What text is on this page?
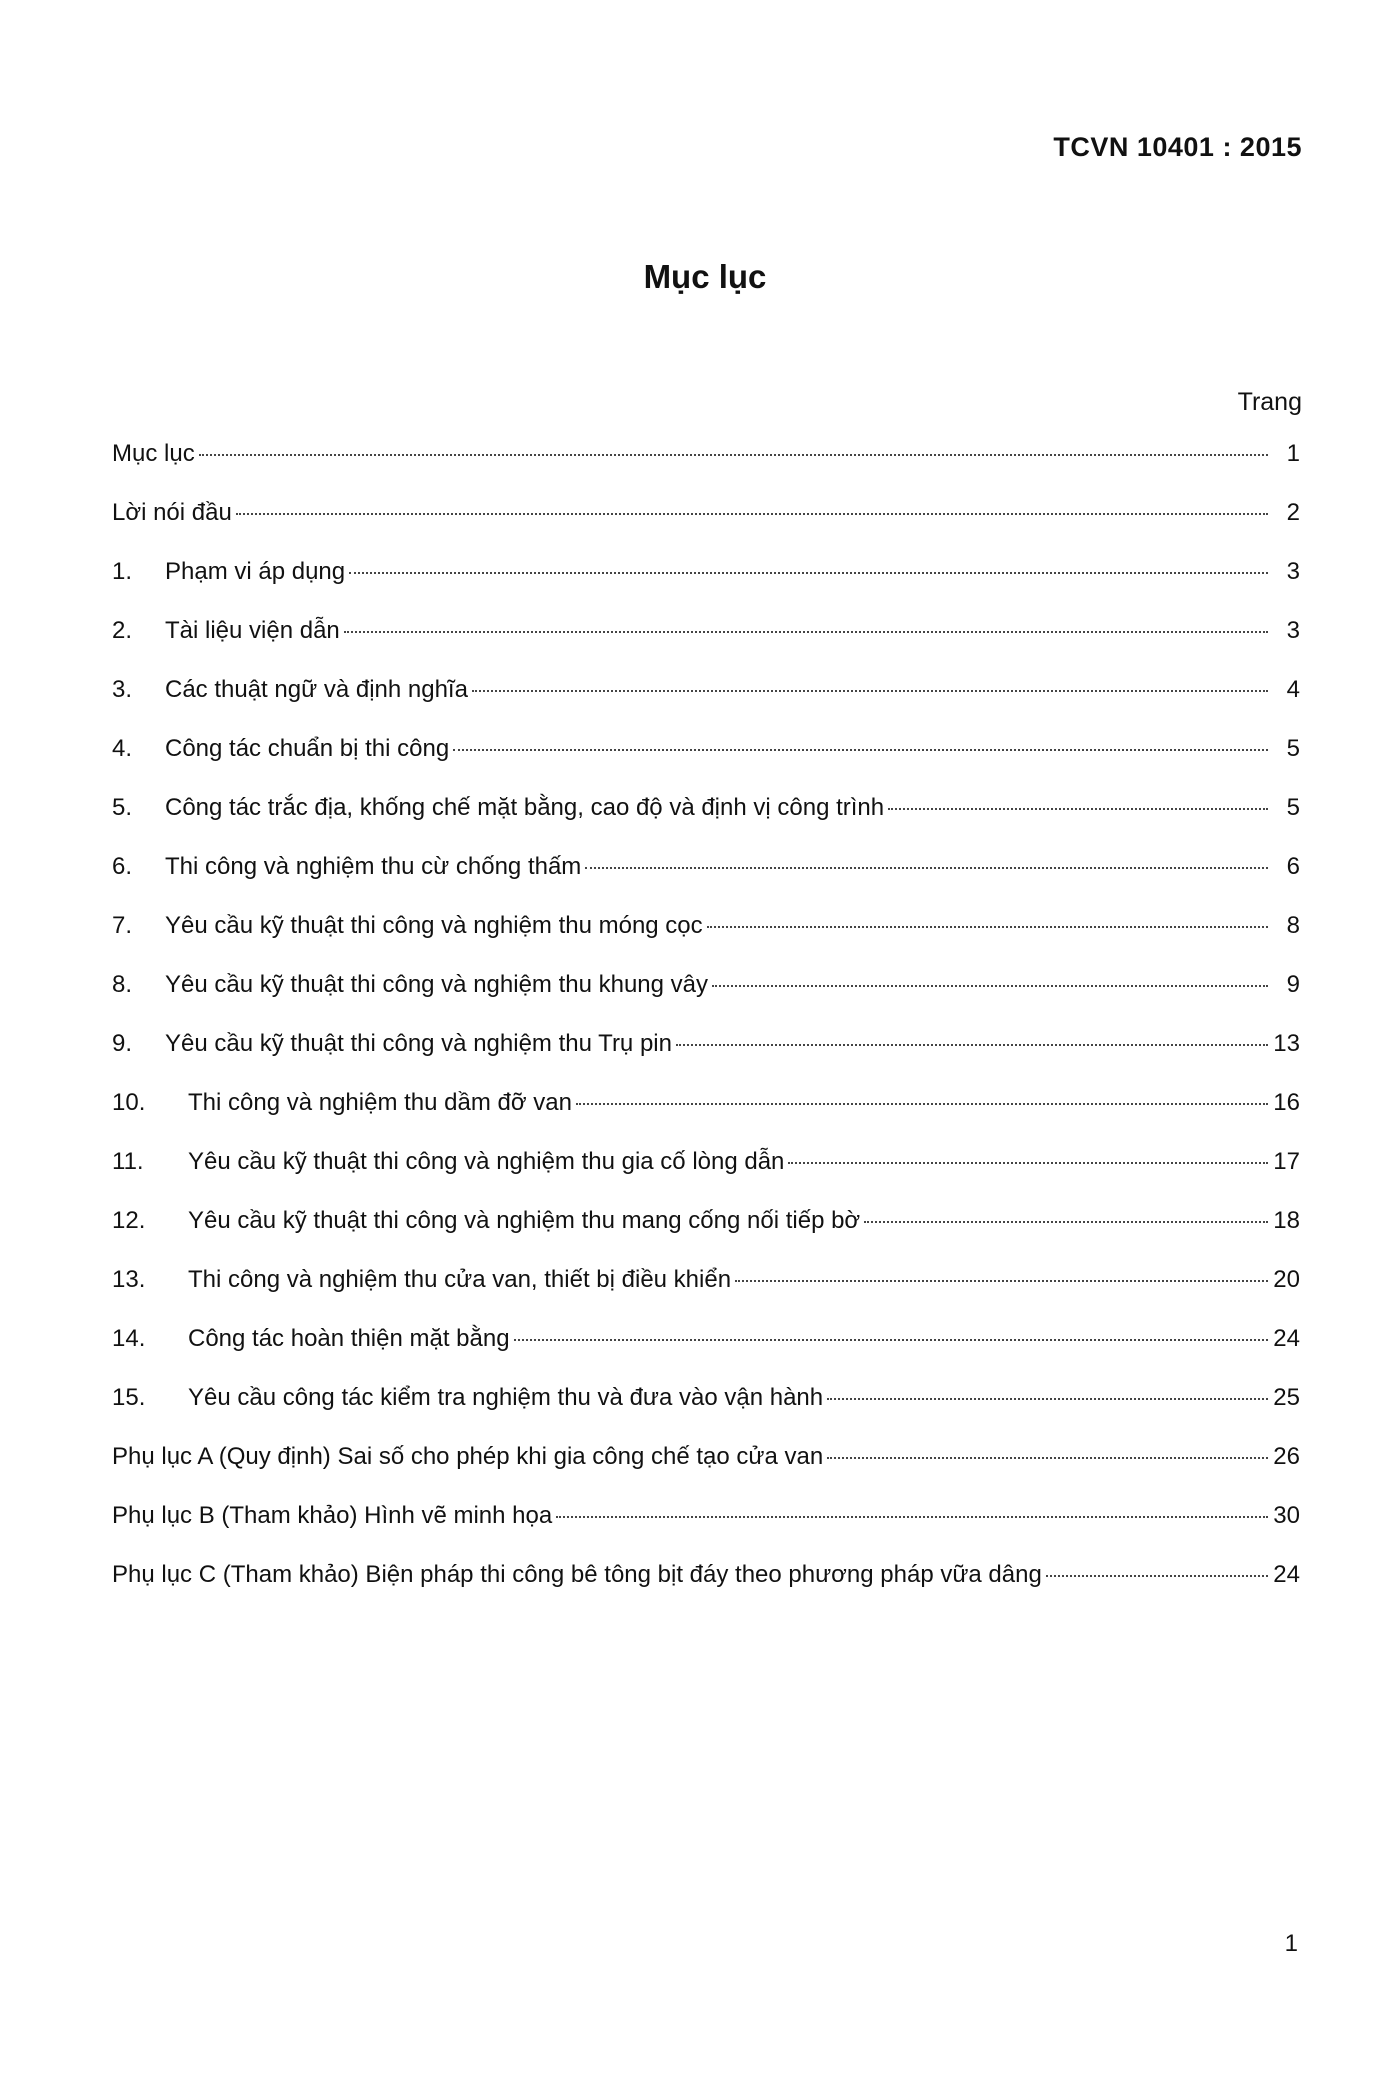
TCVN 10401 : 2015
Mục lục
Trang
Mục lục	1
Lời nói đầu	2
1.	Phạm vi áp dụng	3
2.	Tài liệu viện dẫn	3
3.	Các thuật ngữ và định nghĩa	4
4.	Công tác chuẩn bị thi công	5
5.	Công tác trắc địa, khống chế mặt bằng, cao độ và định vị công trình	5
6.	Thi công và nghiệm thu cừ chống thấm	6
7.	Yêu cầu kỹ thuật thi công và nghiệm thu móng cọc	8
8.	Yêu cầu kỹ thuật thi công và nghiệm thu khung vây	9
9.	Yêu cầu kỹ thuật thi công và nghiệm thu Trụ pin	13
10.	Thi công và nghiệm thu dầm đỡ van	16
11.	Yêu cầu kỹ thuật thi công và nghiệm thu gia cố lòng dẫn	17
12.	Yêu cầu kỹ thuật thi công và nghiệm thu mang cống nối tiếp bờ	18
13.	Thi công và nghiệm thu cửa van, thiết bị điều khiển	20
14.	Công tác hoàn thiện mặt bằng	24
15.	Yêu cầu công tác kiểm tra nghiệm thu và đưa vào vận hành	25
Phụ lục A (Quy định) Sai số cho phép khi gia công chế tạo cửa van	26
Phụ lục B (Tham khảo) Hình vẽ minh họa	30
Phụ lục C (Tham khảo) Biện pháp thi công bê tông bịt đáy theo phương pháp vữa dâng	24
1
